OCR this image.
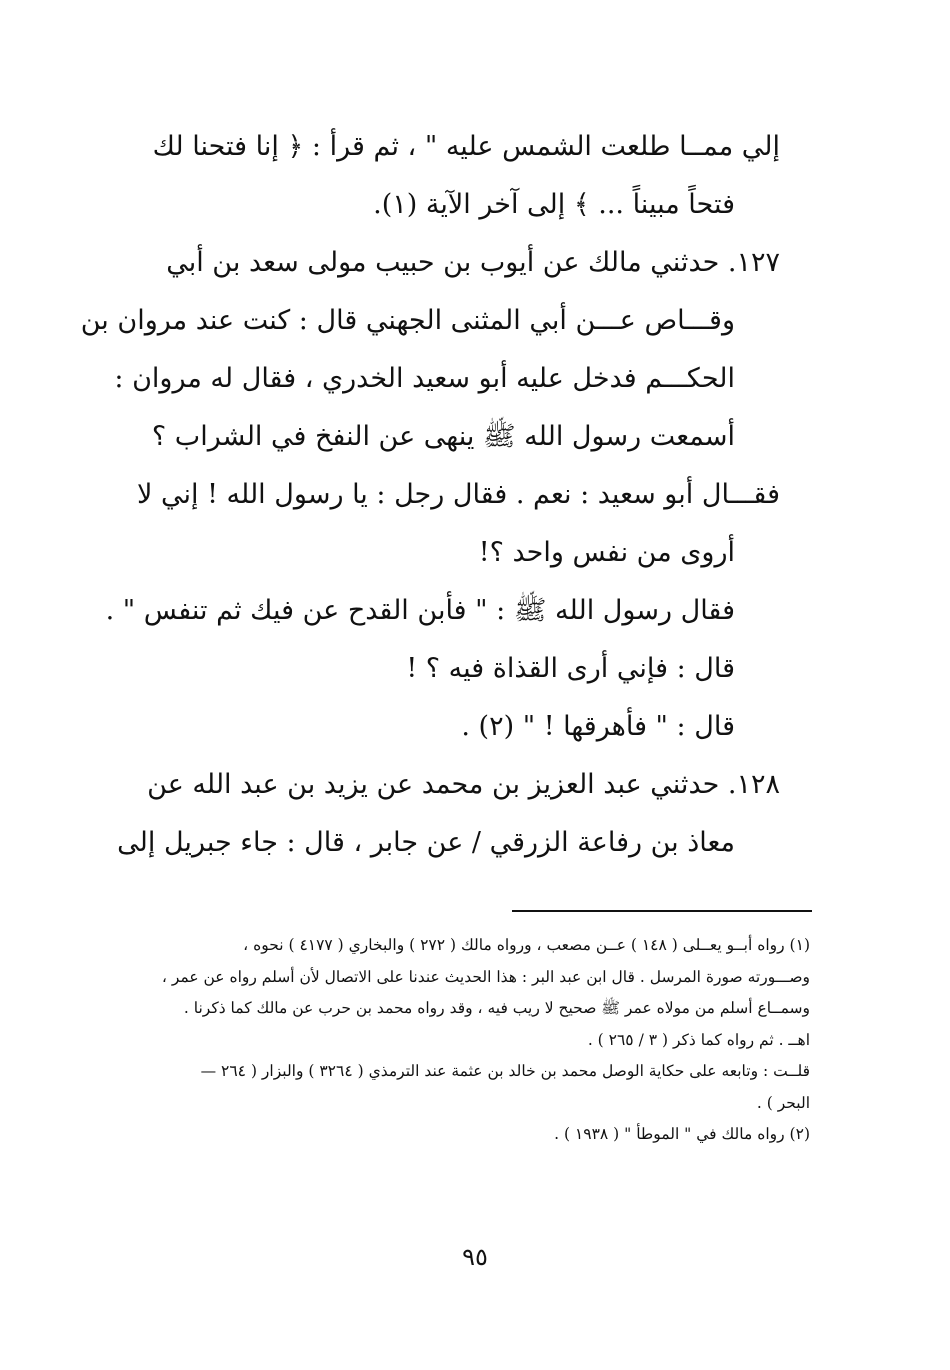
إلي ممــا طلعت الشمس عليه " ، ثم قرأ : ﴿ إنا فتحنا لك
فتحاً مبيناً ... ﴾ إلى آخر الآية (١).
١٢٧. حدثني مالك عن أيوب بن حبيب مولى سعد بن أبي
وقـــاص عـــن أبي المثنى الجهني قال : كنت عند مروان بن
الحكـــم فدخل عليه أبو سعيد الخدري ، فقال له مروان :
أسمعت رسول الله ﷺ ينهى عن النفخ في الشراب ؟
فقـــال أبو سعيد : نعم . فقال رجل : يا رسول الله ! إني لا
أروى من نفس واحد ؟!
فقال رسول الله ﷺ : " فأبن القدح عن فيك ثم تنفس " .
قال : فإني أرى القذاة فيه ؟ !
قال : " فأهرقها ! " (٢) .
١٢٨. حدثني عبد العزيز بن محمد عن يزيد بن عبد الله عن
معاذ بن رفاعة الزرقي / عن جابر ، قال : جاء جبريل إلى
(١) رواه أبــو يعــلى ( ١٤٨ ) عــن مصعب ، ورواه مالك ( ٢٧٢ ) والبخاري ( ٤١٧٧ ) نحوه ،
وصـــورته صورة المرسل . قال ابن عبد البر : هذا الحديث عندنا على الاتصال لأن أسلم رواه عن عمر ،
وسمــاع أسلم من مولاه عمر ﷺ صحيح لا ريب فيه ، وقد رواه محمد بن حرب عن مالك كما ذكرنا .
اهــ . ثم رواه كما ذكر ( ٣ / ٢٦٥ ) .
قلــت : وتابعه على حكاية الوصل محمد بن خالد بن عثمة عند الترمذي ( ٣٢٦٤ ) والبزار ( ٢٦٤ —
البحر ) .
(٢) رواه مالك في " الموطأ " ( ١٩٣٨ ) .
٩٥
